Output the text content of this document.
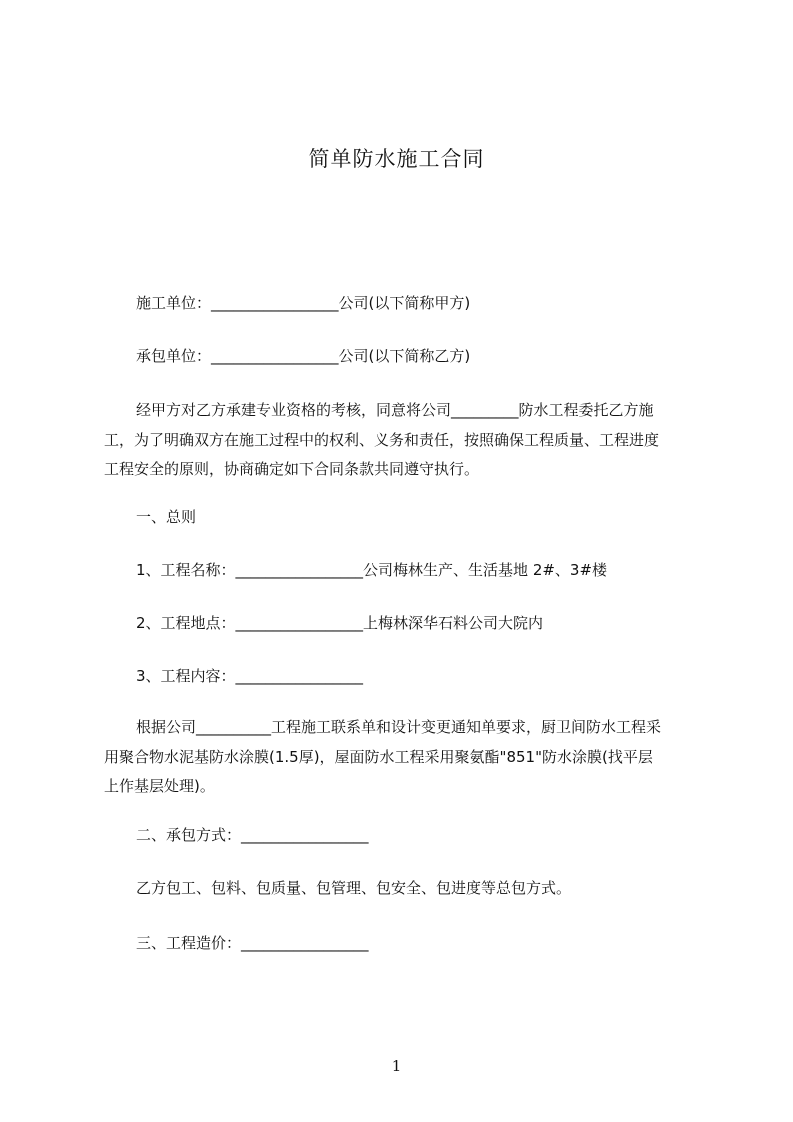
简单防水施工合同
施工单位：_________________公司(以下简称甲方)
承包单位：_________________公司(以下简称乙方)
经甲方对乙方承建专业资格的考核，同意将公司_________防水工程委托乙方施
工，为了明确双方在施工过程中的权利、义务和责任，按照确保工程质量、工程进度
工程安全的原则，协商确定如下合同条款共同遵守执行。
一、总则
1、工程名称：_________________公司梅林生产、生活基地 2#、3#楼
2、工程地点：_________________上梅林深华石料公司大院内
3、工程内容：_________________
根据公司__________工程施工联系单和设计变更通知单要求，厨卫间防水工程采
用聚合物水泥基防水涂膜(1.5厚)，屋面防水工程采用聚氨酯"851"防水涂膜(找平层
上作基层处理)。
二、承包方式：_________________
乙方包工、包料、包质量、包管理、包安全、包进度等总包方式。
三、工程造价：_________________
1
